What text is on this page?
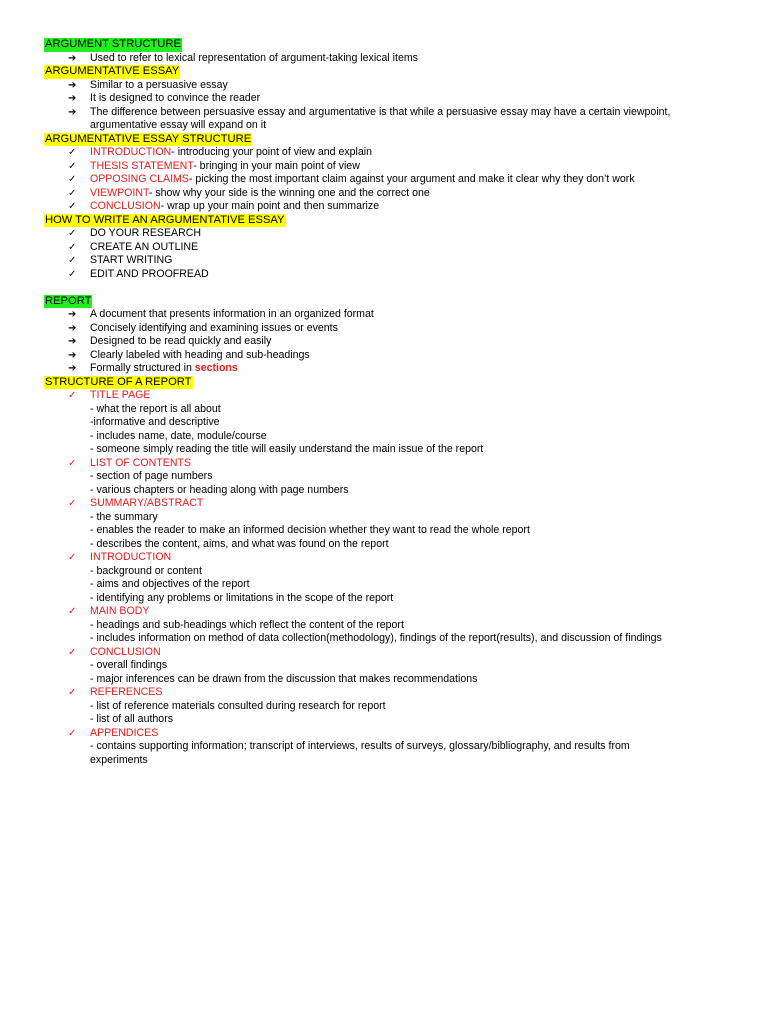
ARGUMENT STRUCTURE
➔	Used to refer to lexical representation of argument-taking lexical items
ARGUMENTATIVE ESSAY
➔	Similar to a persuasive essay
➔	It is designed to convince the reader
➔	The difference between persuasive essay and argumentative is that while a persuasive essay may have a certain viewpoint,
argumentative essay will expand on it
ARGUMENTATIVE ESSAY STRUCTURE
✓	INTRODUCTION- introducing your point of view and explain
✓	THESIS STATEMENT- bringing in your main point of view
✓	OPPOSING CLAIMS- picking the most important claim against your argument and make it clear why they don’t work
✓	VIEWPOINT- show why your side is the winning one and the correct one
✓	CONCLUSION- wrap up your main point and then summarize
HOW TO WRITE AN ARGUMENTATIVE ESSAY
✓	DO YOUR RESEARCH
✓	CREATE AN OUTLINE
✓	START WRITING
✓	EDIT AND PROOFREAD
REPORT
➔	A document that presents information in an organized format
➔	Concisely identifying and examining issues or events
➔	Designed to be read quickly and easily
➔	Clearly labeled with heading and sub-headings
➔	Formally structured in sections
STRUCTURE OF A REPORT
✓	TITLE PAGE
- what the report is all about
-informative and descriptive
- includes name, date, module/course
- someone simply reading the title will easily understand the main issue of the report
✓	LIST OF CONTENTS
- section of page numbers
- various chapters or heading along with page numbers
✓	SUMMARY/ABSTRACT
- the summary
- enables the reader to make an informed decision whether they want to read the whole report
- describes the content, aims, and what was found on the report
✓	INTRODUCTION
- background or content
- aims and objectives of the report
- identifying any problems or limitations in the scope of the report
✓	MAIN BODY
- headings and sub-headings which reflect the content of the report
- includes information on method of data collection(methodology), findings of the report(results), and discussion of findings
✓	CONCLUSION
- overall findings
- major inferences can be drawn from the discussion that makes recommendations
✓	REFERENCES
- list of reference materials consulted during research for report
- list of all authors
✓	APPENDICES
- contains supporting information; transcript of interviews, results of surveys, glossary/bibliography, and results from
experiments
